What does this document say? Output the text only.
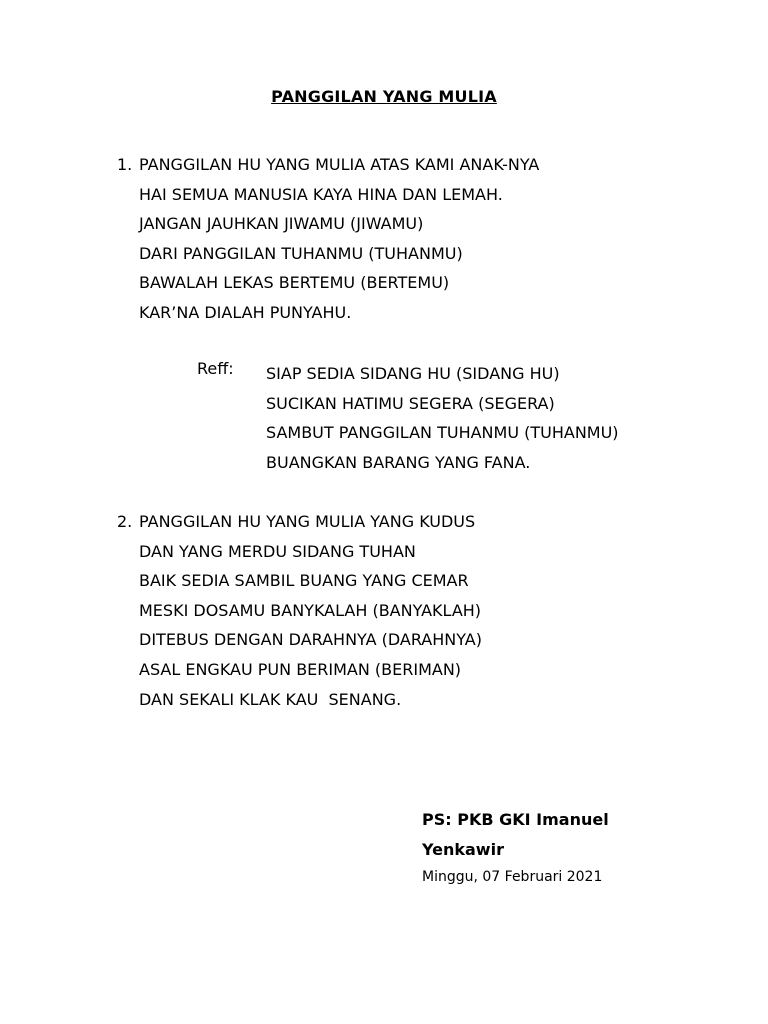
PANGGILAN YANG MULIA
1. PANGGILAN HU YANG MULIA ATAS KAMI ANAK-NYA
HAI SEMUA MANUSIA KAYA HINA DAN LEMAH.
JANGAN JAUHKAN JIWAMU (JIWAMU)
DARI PANGGILAN TUHANMU (TUHANMU)
BAWALAH LEKAS BERTEMU (BERTEMU)
KAR’NA DIALAH PUNYAHU.
Reff: SIAP SEDIA SIDANG HU (SIDANG HU)
SUCIKAN HATIMU SEGERA (SEGERA)
SAMBUT PANGGILAN TUHANMU (TUHANMU)
BUANGKAN BARANG YANG FANA.
2. PANGGILAN HU YANG MULIA YANG KUDUS
DAN YANG MERDU SIDANG TUHAN
BAIK SEDIA SAMBIL BUANG YANG CEMAR
MESKI DOSAMU BANYKALAH (BANYAKLAH)
DITEBUS DENGAN DARAHNYA (DARAHNYA)
ASAL ENGKAU PUN BERIMAN (BERIMAN)
DAN SEKALI KLAK KAU  SENANG.
PS: PKB GKI Imanuel
Yenkawir
Minggu, 07 Februari 2021
